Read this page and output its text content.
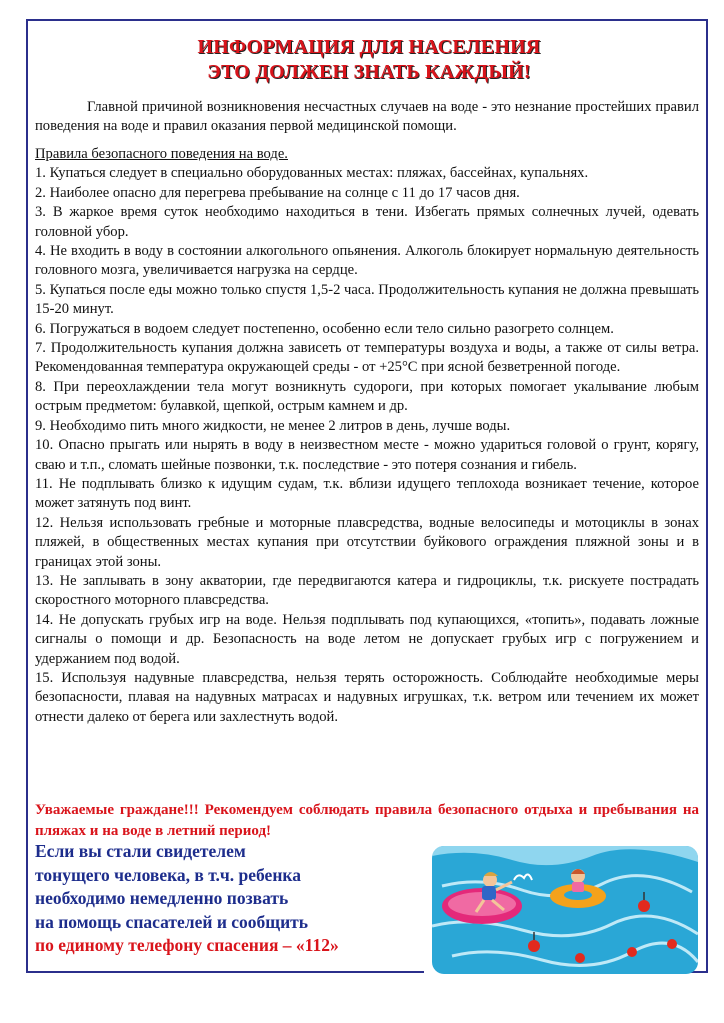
ИНФОРМАЦИЯ ДЛЯ НАСЕЛЕНИЯ
ЭТО ДОЛЖЕН ЗНАТЬ КАЖДЫЙ!
Главной причиной возникновения несчастных случаев на воде - это незнание простейших правил поведения на воде и правил оказания первой медицинской помощи.
Правила безопасного поведения на воде.
1. Купаться следует в специально оборудованных местах: пляжах, бассейнах, купальнях.
2. Наиболее опасно для перегрева пребывание на солнце с 11 до 17 часов дня.
3. В жаркое время суток необходимо находиться в тени. Избегать прямых солнечных лучей, одевать головной убор.
4. Не входить в воду в состоянии алкогольного опьянения. Алкоголь блокирует нормальную деятельность головного мозга, увеличивается нагрузка на сердце.
5. Купаться после еды можно только спустя 1,5-2 часа. Продолжительность купания не должна превышать 15-20 минут.
6. Погружаться в водоем следует постепенно, особенно если тело сильно разогрето солнцем.
7. Продолжительность купания должна зависеть от температуры воздуха и воды, а также от силы ветра. Рекомендованная температура окружающей среды - от +25°С при ясной безветренной погоде.
8. При переохлаждении тела могут возникнуть судороги, при которых помогает укалывание любым острым предметом: булавкой, щепкой, острым камнем и др.
9. Необходимо пить много жидкости, не менее 2 литров в день, лучше воды.
10. Опасно прыгать или нырять в воду в неизвестном месте - можно удариться головой о грунт, корягу, сваю и т.п., сломать шейные позвонки, т.к. последствие - это потеря сознания и гибель.
11. Не подплывать близко к идущим судам, т.к. вблизи идущего теплохода возникает течение, которое может затянуть под винт.
12. Нельзя использовать гребные и моторные плавсредства, водные велосипеды и мотоциклы в зонах пляжей, в общественных местах купания при отсутствии буйкового ограждения пляжной зоны и в границах этой зоны.
13. Не заплывать в зону акватории, где передвигаются катера и гидроциклы, т.к. рискуете пострадать скоростного моторного плавсредства.
14. Не допускать грубых игр на воде. Нельзя подплывать под купающихся, «топить», подавать ложные сигналы о помощи и др. Безопасность на воде летом не допускает грубых игр с погружением и удержанием под водой.
15. Используя надувные плавсредства, нельзя терять осторожность. Соблюдайте необходимые меры безопасности, плавая на надувных матрасах и надувных игрушках, т.к. ветром или течением их может отнести далеко от берега или захлестнуть водой.
Уважаемые граждане!!! Рекомендуем соблюдать правила безопасного отдыха и пребывания на пляжах и на воде в летний период!
Если вы стали свидетелем
тонущего человека, в т.ч. ребенка
необходимо немедленно позвать
на помощь спасателей и сообщить
по единому телефону спасения – «112»
